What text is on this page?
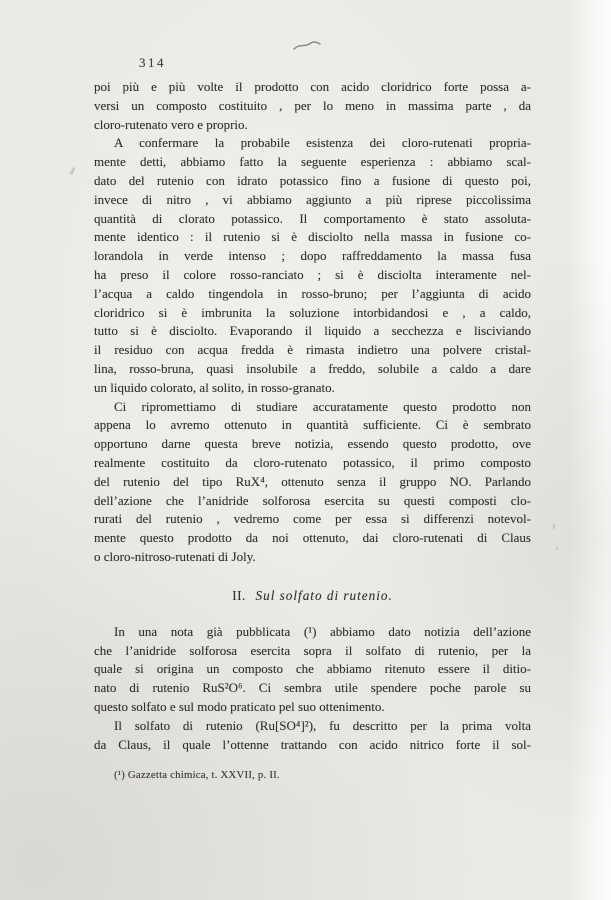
314
poi più e più volte il prodotto con acido cloridrico forte possa a-
versi un composto costituito , per lo meno in massima parte , da
cloro-rutenato vero e proprio.
A confermare la probabile esistenza dei cloro-rutenati propria-
mente detti, abbiamo fatto la seguente esperienza : abbiamo scal-
dato del rutenio con idrato potassico fino a fusione di questo poi,
invece di nitro , vi abbiamo aggiunto a più riprese piccolissima
quantità di clorato potassico. Il comportamento è stato assoluta-
mente identico : il rutenio si è disciolto nella massa in fusione co-
lorandola in verde intenso ; dopo raffreddamento la massa fusa
ha preso il colore rosso-ranciato ; si è disciolta interamente nel-
l’acqua a caldo tingendola in rosso-bruno; per l’aggiunta di acido
cloridrico si è imbrunita la soluzione intorbidandosi e , a caldo,
tutto si è disciolto. Evaporando il liquido a secchezza e lisciviando
il residuo con acqua fredda è rimasta indietro una polvere cristal-
lina, rosso-bruna, quasi insolubile a freddo, solubile a caldo a dare
un liquido colorato, al solito, in rosso-granato.
Ci ripromettiamo di studiare accuratamente questo prodotto non
appena lo avremo ottenuto in quantità sufficiente. Ci è sembrato
opportuno darne questa breve notizia, essendo questo prodotto, ove
realmente costituito da cloro-rutenato potassico, il primo composto
del rutenio del tipo RuX⁴, ottenuto senza il gruppo NO. Parlando
dell’azione che l’anidride solforosa esercita su questi composti clo-
rurati del rutenio , vedremo come per essa si differenzi notevol-
mente questo prodotto da noi ottenuto, dai cloro-rutenati di Claus
o cloro-nitroso-rutenati di Joly.
II. Sul solfato di rutenio.
In una nota già pubblicata (¹) abbiamo dato notizia dell’azione
che l’anidride solforosa esercita sopra il solfato di rutenio, per la
quale si origina un composto che abbiamo ritenuto essere il ditio-
nato di rutenio RuS²O⁶. Ci sembra utile spendere poche parole su
questo solfato e sul modo praticato pel suo ottenimento.
Il solfato di rutenio (Ru[SO⁴]²), fu descritto per la prima volta
da Claus, il quale l’ottenne trattando con acido nitrico forte il sol-
(¹) Gazzetta chimica, t. XXVII, p. II.
